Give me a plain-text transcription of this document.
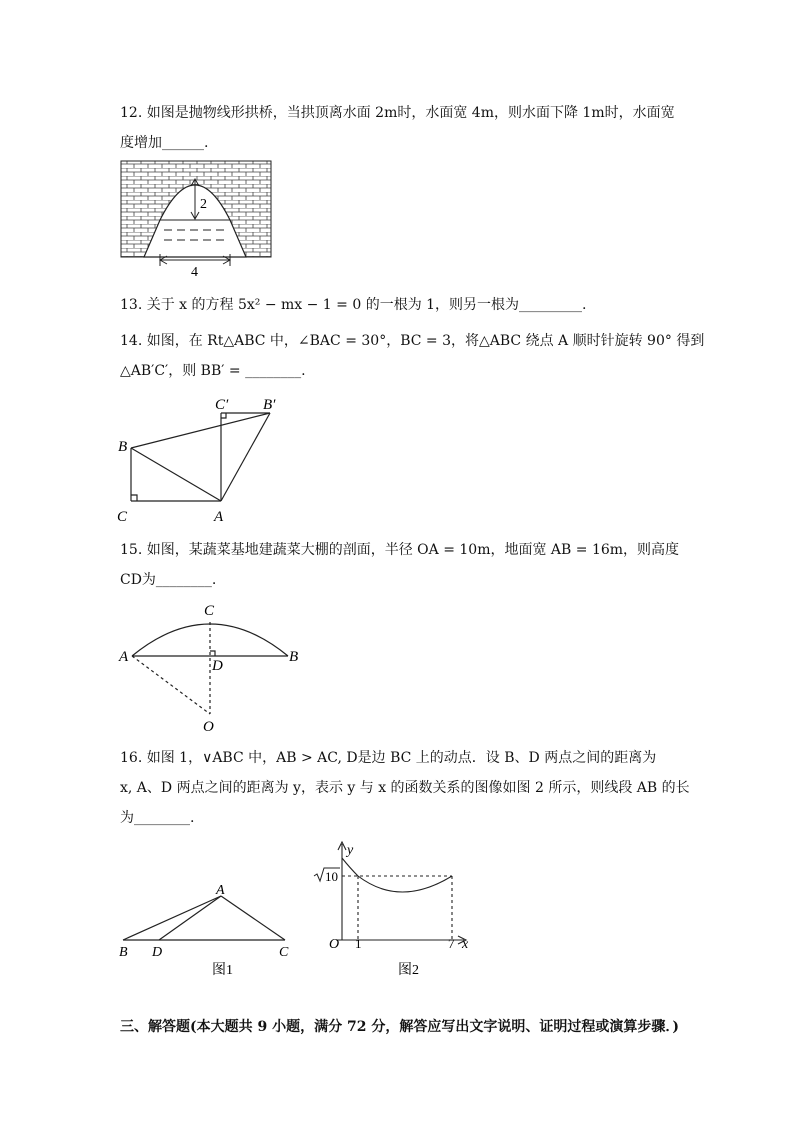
12. 如图是抛物线形拱桥，当拱顶离水面 2m时，水面宽 4m，则水面下降 1m时，水面宽
度增加______.
2
4
13. 关于 x 的方程 5x² − mx − 1 = 0 的一根为 1，则另一根为_________.
14. 如图，在 Rt△ABC 中，∠BAC = 30°，BC = 3，将△ABC 绕点 A 顺时针旋转 90° 得到
△AB′C′，则 BB′ = ________.
C	A
B
C′ B′
15. 如图，某蔬菜基地建蔬菜大棚的剖面，半径 OA = 10m，地面宽 AB = 16m，则高度
CD为________.
C
A	B
D
O
16. 如图 1，∨ABC 中，AB > AC, D是边 BC 上的动点．设 B、D 两点之间的距离为
x, A、D 两点之间的距离为 y，表示 y 与 x 的函数关系的图像如图 2 所示，则线段 AB 的长
为________.
A
B D	C
图1
y
x
O 1	7
10
图2
三、解答题(本大题共 9 小题，满分 72 分，解答应写出文字说明、证明过程或演算步骤．)
